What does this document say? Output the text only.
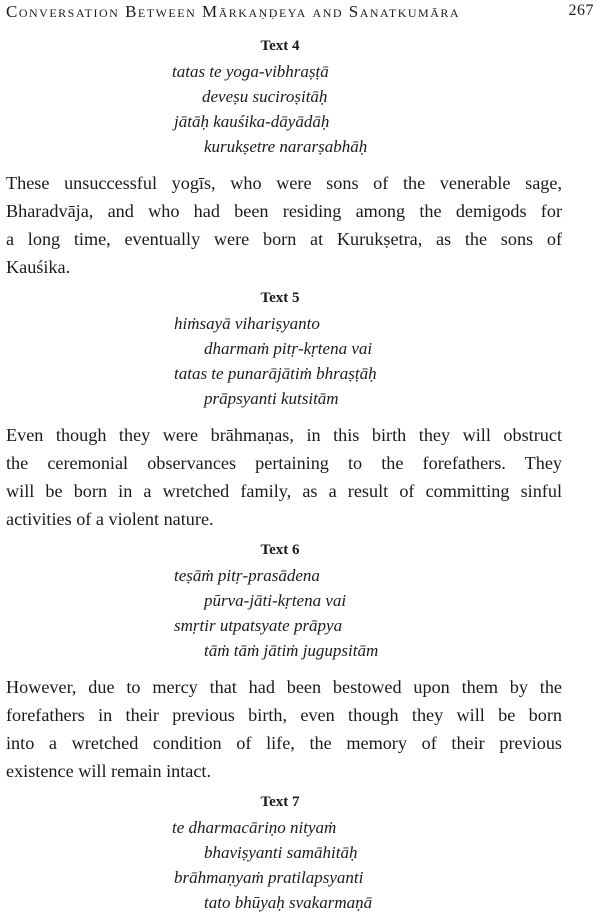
Conversation Between Mārkaṇḍeya and Sanatkumāra	267
Text 4
tatas te yoga-vibhraṣṭā
deveṣu suciroṣitāḥ
jātāḥ kauśika-dāyādāḥ
kurukṣetre nararṣabhāḥ
These unsuccessful yogīs, who were sons of the venerable sage,
Bharadvāja, and who had been residing among the demigods for
a long time, eventually were born at Kurukṣetra, as the sons of
Kauśika.
Text 5
hiṁsayā vihariṣyanto
dharmaṁ pitṛ-kṛtena vai
tatas te punarājātiṁ bhraṣṭāḥ
prāpsyanti kutsitām
Even though they were brāhmaṇas, in this birth they will obstruct
the ceremonial observances pertaining to the forefathers. They
will be born in a wretched family, as a result of committing sinful
activities of a violent nature.
Text 6
teṣāṁ pitṛ-prasādena
pūrva-jāti-kṛtena vai
smṛtir utpatsyate prāpya
tāṁ tāṁ jātiṁ jugupsitām
However, due to mercy that had been bestowed upon them by the
forefathers in their previous birth, even though they will be born
into a wretched condition of life, the memory of their previous
existence will remain intact.
Text 7
te dharmacāriṇo nityaṁ
bhaviṣyanti samāhitāḥ
brāhmaṇyaṁ pratilapsyanti
tato bhūyaḥ svakarmaṇā
